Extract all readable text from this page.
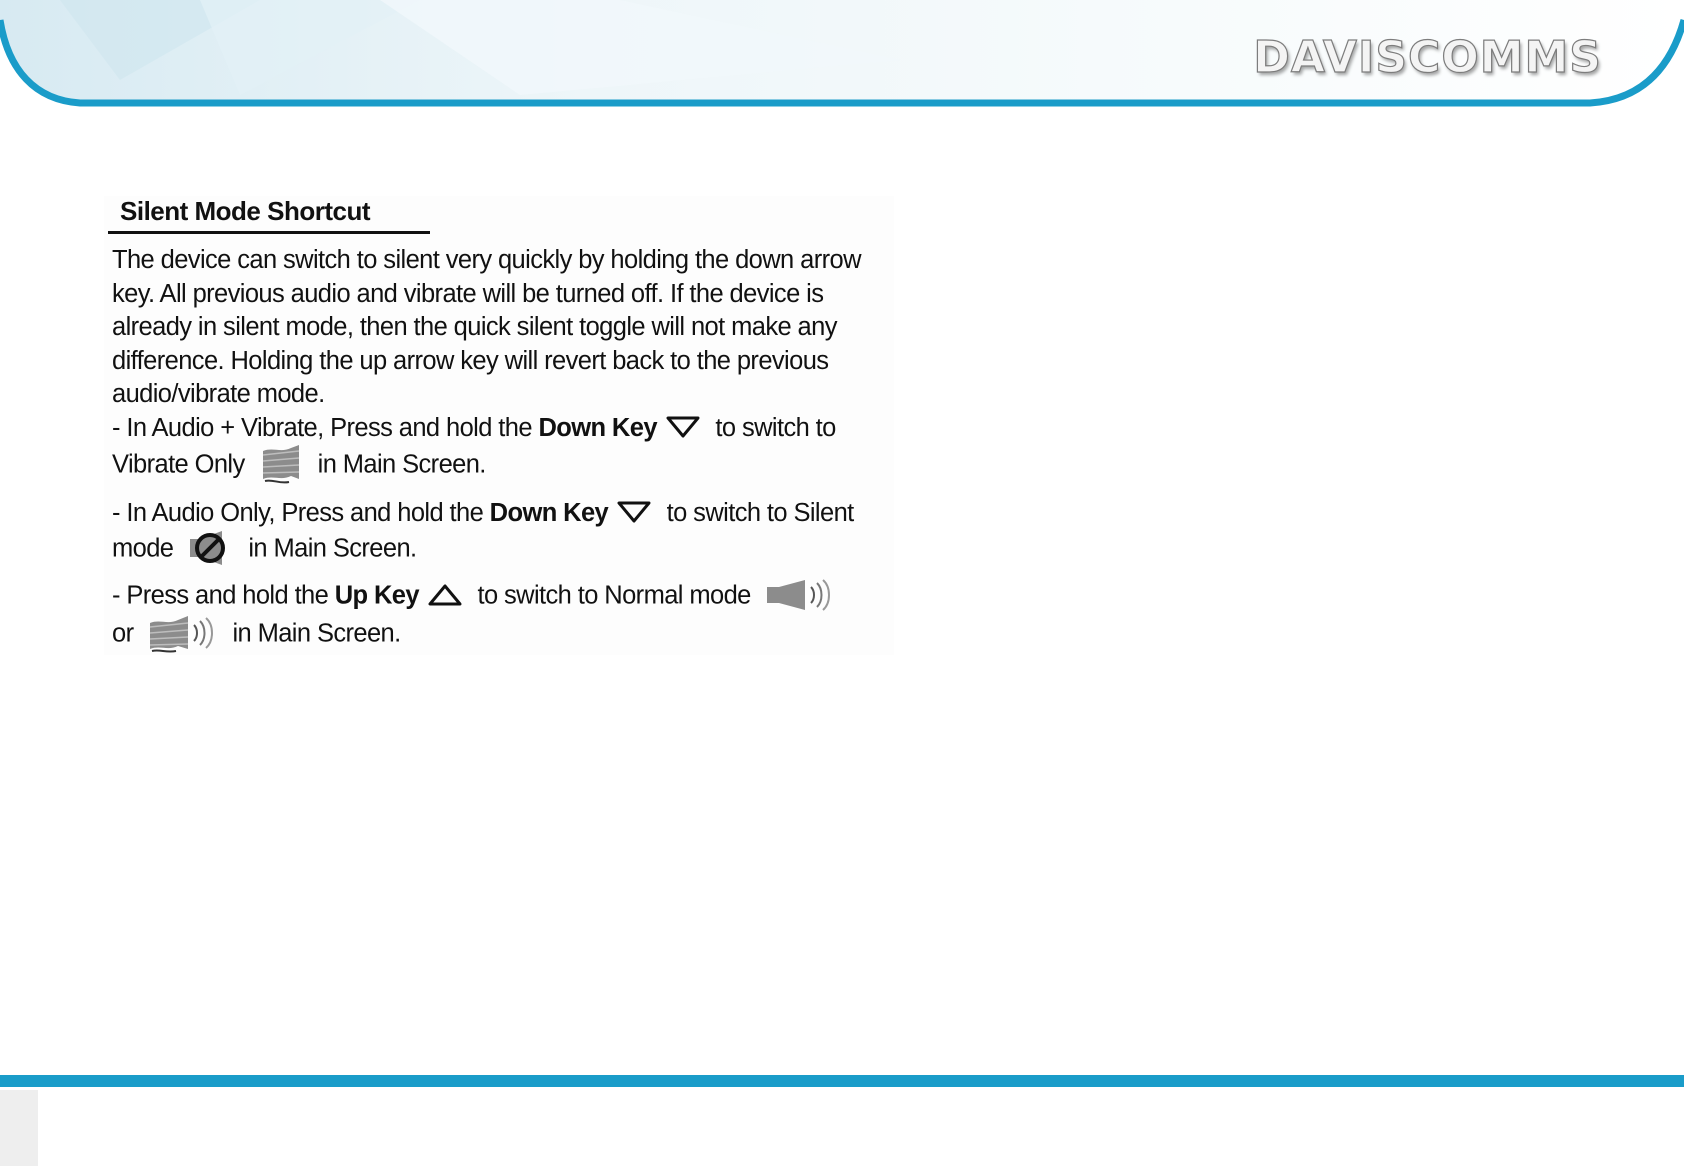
DAVISCOMMS
Silent Mode Shortcut

The device can switch to silent very quickly by holding the down arrow key. All previous audio and vibrate will be turned off. If the device is already in silent mode, then the quick silent toggle will not make any difference. Holding the up arrow key will revert back to the previous audio/vibrate mode.

- In Audio + Vibrate, Press and hold the Down Key
to switch to Vibrate Only
in Main Screen.

- In Audio Only, Press and hold the Down Key
to switch to Silent mode
in Main Screen.

- Press and hold the Up Key
to switch to Normal mode

or	in Main Screen.
